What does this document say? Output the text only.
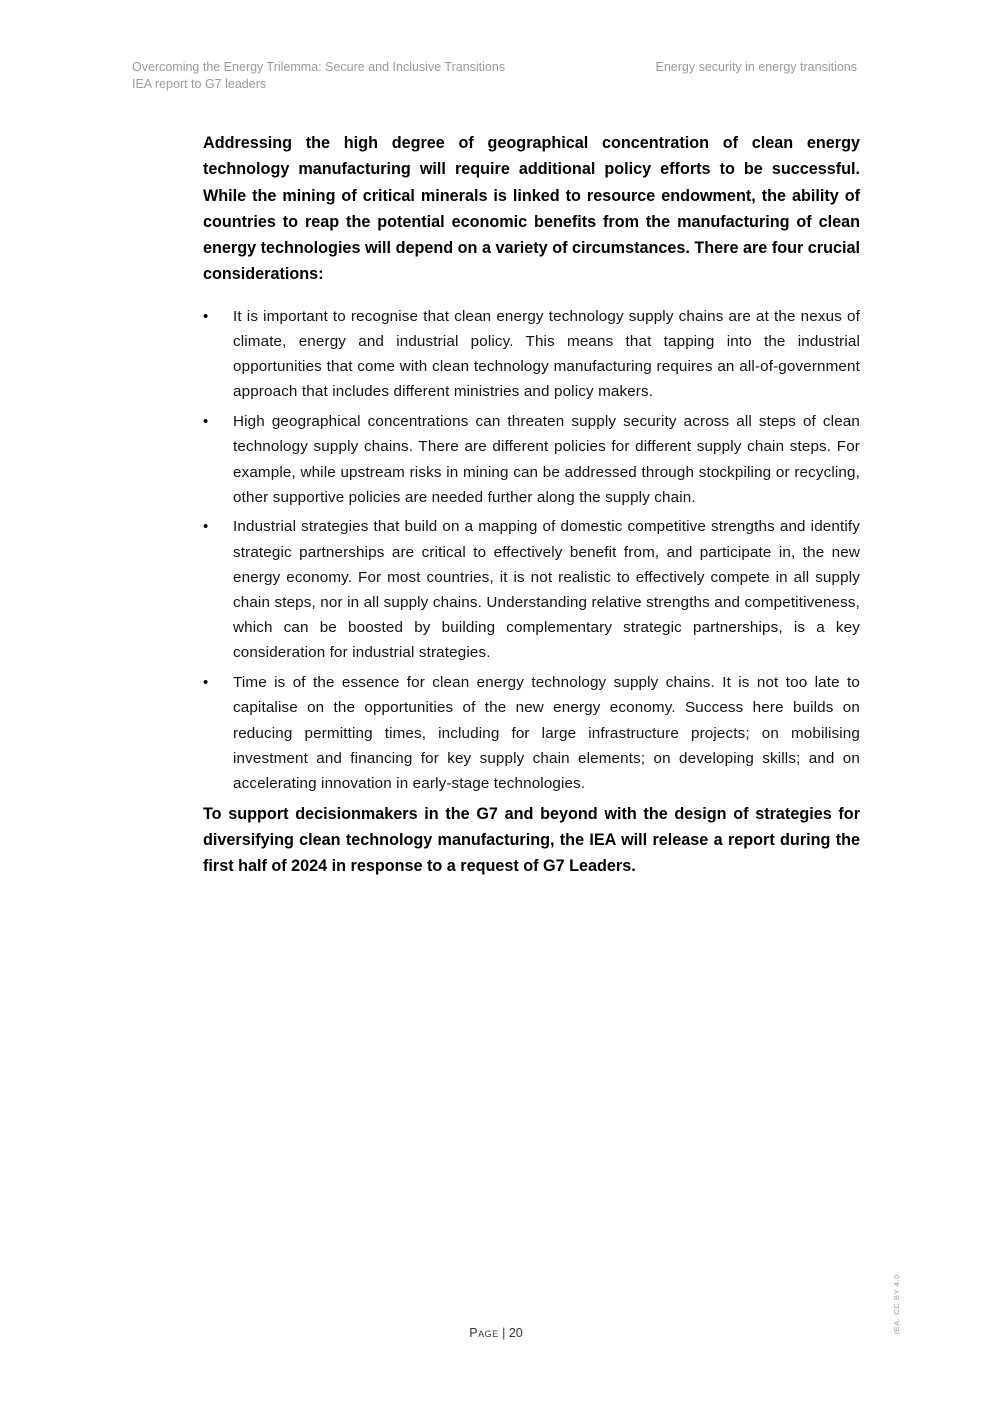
Overcoming the Energy Trilemma: Secure and Inclusive Transitions
IEA report to G7 leaders
Energy security in energy transitions

Addressing the high degree of geographical concentration of clean energy technology manufacturing will require additional policy efforts to be successful. While the mining of critical minerals is linked to resource endowment, the ability of countries to reap the potential economic benefits from the manufacturing of clean energy technologies will depend on a variety of circumstances. There are four crucial considerations:

• It is important to recognise that clean energy technology supply chains are at the nexus of climate, energy and industrial policy. This means that tapping into the industrial opportunities that come with clean technology manufacturing requires an all-of-government approach that includes different ministries and policy makers.
• High geographical concentrations can threaten supply security across all steps of clean technology supply chains. There are different policies for different supply chain steps. For example, while upstream risks in mining can be addressed through stockpiling or recycling, other supportive policies are needed further along the supply chain.
• Industrial strategies that build on a mapping of domestic competitive strengths and identify strategic partnerships are critical to effectively benefit from, and participate in, the new energy economy. For most countries, it is not realistic to effectively compete in all supply chain steps, nor in all supply chains. Understanding relative strengths and competitiveness, which can be boosted by building complementary strategic partnerships, is a key consideration for industrial strategies.
• Time is of the essence for clean energy technology supply chains. It is not too late to capitalise on the opportunities of the new energy economy. Success here builds on reducing permitting times, including for large infrastructure projects; on mobilising investment and financing for key supply chain elements; on developing skills; and on accelerating innovation in early-stage technologies.

To support decisionmakers in the G7 and beyond with the design of strategies for diversifying clean technology manufacturing, the IEA will release a report during the first half of 2024 in response to a request of G7 Leaders.

Page | 20	IEA. CC BY 4.0.
